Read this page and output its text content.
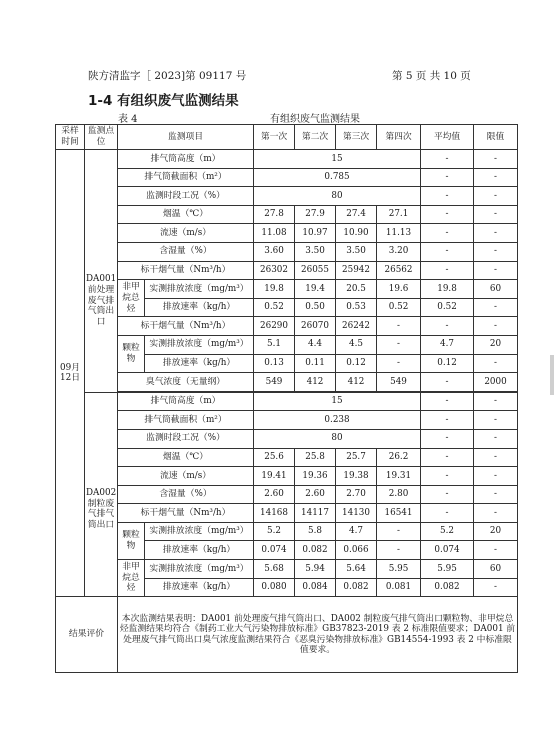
陕方清监字［ 2023]第 09117 号	第 5 页 共 10 页
1-4 有组织废气监测结果
表 4	有组织废气监测结果
采样时间	监测点位	监测项目		第一次	第二次	第三次	第四次	平均值	限值
09月 12日	DA001 前处理废气排气筒出口	排气筒高度（m）		15				-	-
		排气筒截面积（m²）		0.785				-	-
		监测时段工况（%）		80				-	-
		烟温（℃）		27.8	27.9	27.4	27.1	-	-
		流速（m/s）		11.08	10.97	10.90	11.13	-	-
		含湿量（%）		3.60	3.50	3.50	3.20	-	-
		标干烟气量（Nm³/h）		26302	26055	25942	26562	-	-
		非甲烷总烃	实测排放浓度（mg/m³）	19.8	19.4	20.5	19.6	19.8	60
			排放速率（kg/h）	0.52	0.50	0.53	0.52	0.52	-
		标干烟气量（Nm³/h）		26290	26070	26242	-	-	-
		颗粒物	实测排放浓度（mg/m³）	5.1	4.4	4.5	-	4.7	20
			排放速率（kg/h）	0.13	0.11	0.12	-	0.12	-
		臭气浓度（无量纲）		549	412	412	549	-	2000

	DA002 制粒废气排气筒出口	排气筒高度（m）		15				-	-
		排气筒截面积（m²）		0.238				-	-
		监测时段工况（%）		80				-	-
		烟温（℃）		25.6	25.8	25.7	26.2	-	-
		流速（m/s）		19.41	19.36	19.38	19.31	-	-
		含湿量（%）		2.60	2.60	2.70	2.80	-	-
		标干烟气量（Nm³/h）		14168	14117	14130	16541	-	-
		颗粒物	实测排放浓度（mg/m³）	5.2	5.8	4.7	-	5.2	20
			排放速率（kg/h）	0.074	0.082	0.066	-	0.074	-
		非甲烷总烃	实测排放浓度（mg/m³）	5.68	5.94	5.64	5.95	5.95	60
			排放速率（kg/h）	0.080	0.084	0.082	0.081	0.082	-
结果评价		本次监测结果表明：DA001 前处理废气排气筒出口、DA002 制粒废气排气筒出口颗粒物、非甲烷总烃监测结果均符合《制药工业大气污染物排放标准》GB37823-2019 表 2 标准限值要求；DA001 前处理废气排气筒出口臭气浓度监测结果符合《恶臭污染物排放标准》GB14554-1993 表 2 中标准限值要求。							
